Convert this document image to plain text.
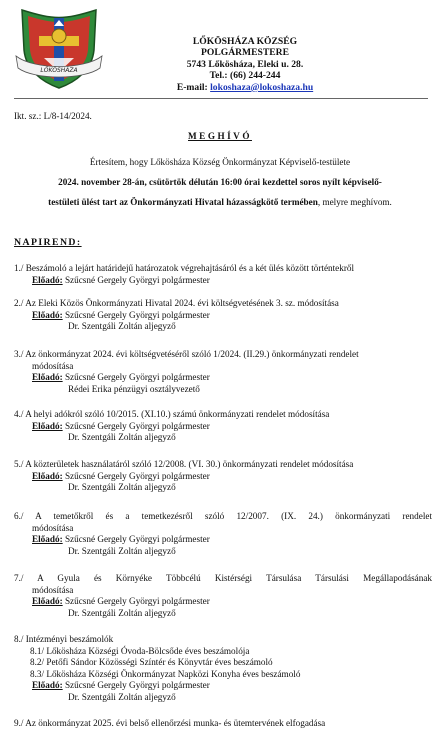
LŐKÖSHÁZA
LŐKÖSHÁZA KÖZSÉG
POLGÁRMESTERE
5743 Lőkösháza, Eleki u. 28.
Tel.: (66) 244-244
E-mail: lokoshaza@lokoshaza.hu
Ikt. sz.: L/8-14/2024.
MEGHÍVÓ
Értesítem, hogy Lőkösháza Község Önkormányzat Képviselő-testülete
2024. november 28-án, csütörtök délután 16:00 órai kezdettel soros nyílt képviselő-
testületi ülést tart az Önkormányzati Hivatal házasságkötő termében, melyre meghívom.
NAPIREND:
1./ Beszámoló a lejárt határidejű határozatok végrehajtásáról és a két ülés között történtekről
Előadó: Szűcsné Gergely Györgyi polgármester
2./ Az Eleki Közös Önkormányzati Hivatal 2024. évi költségvetésének 3. sz. módosítása
Előadó: Szűcsné Gergely Györgyi polgármester
Dr. Szentgáli Zoltán aljegyző
3./ Az önkormányzat 2024. évi költségvetéséről szóló 1/2024. (II.29.) önkormányzati rendelet
módosítása
Előadó: Szűcsné Gergely Györgyi polgármester
Rédei Erika pénzügyi osztályvezető
4./ A helyi adókról szóló 10/2015. (XI.10.) számú önkormányzati rendelet módosítása
Előadó: Szűcsné Gergely Györgyi polgármester
Dr. Szentgáli Zoltán aljegyző
5./ A közterületek használatáról szóló 12/2008. (VI. 30.) önkormányzati rendelet módosítása
Előadó: Szűcsné Gergely Györgyi polgármester
Dr. Szentgáli Zoltán aljegyző
6./ A temetőkről és a temetkezésről szóló 12/2007. (IX. 24.) önkormányzati rendelet
módosítása
Előadó: Szűcsné Gergely Györgyi polgármester
Dr. Szentgáli Zoltán aljegyző
7./ A Gyula és Környéke Többcélú Kistérségi Társulása Társulási Megállapodásának
módosítása
Előadó: Szűcsné Gergely Györgyi polgármester
Dr. Szentgáli Zoltán aljegyző
8./ Intézményi beszámolók
8.1/ Lőkösháza Községi Óvoda-Bölcsőde éves beszámolója
8.2/ Petőfi Sándor Közösségi Színtér és Könyvtár éves beszámoló
8.3/ Lőkösháza Községi Önkormányzat Napközi Konyha éves beszámoló
Előadó: Szűcsné Gergely Györgyi polgármester
Dr. Szentgáli Zoltán aljegyző
9./ Az önkormányzat 2025. évi belső ellenőrzési munka- és ütemtervének elfogadása
